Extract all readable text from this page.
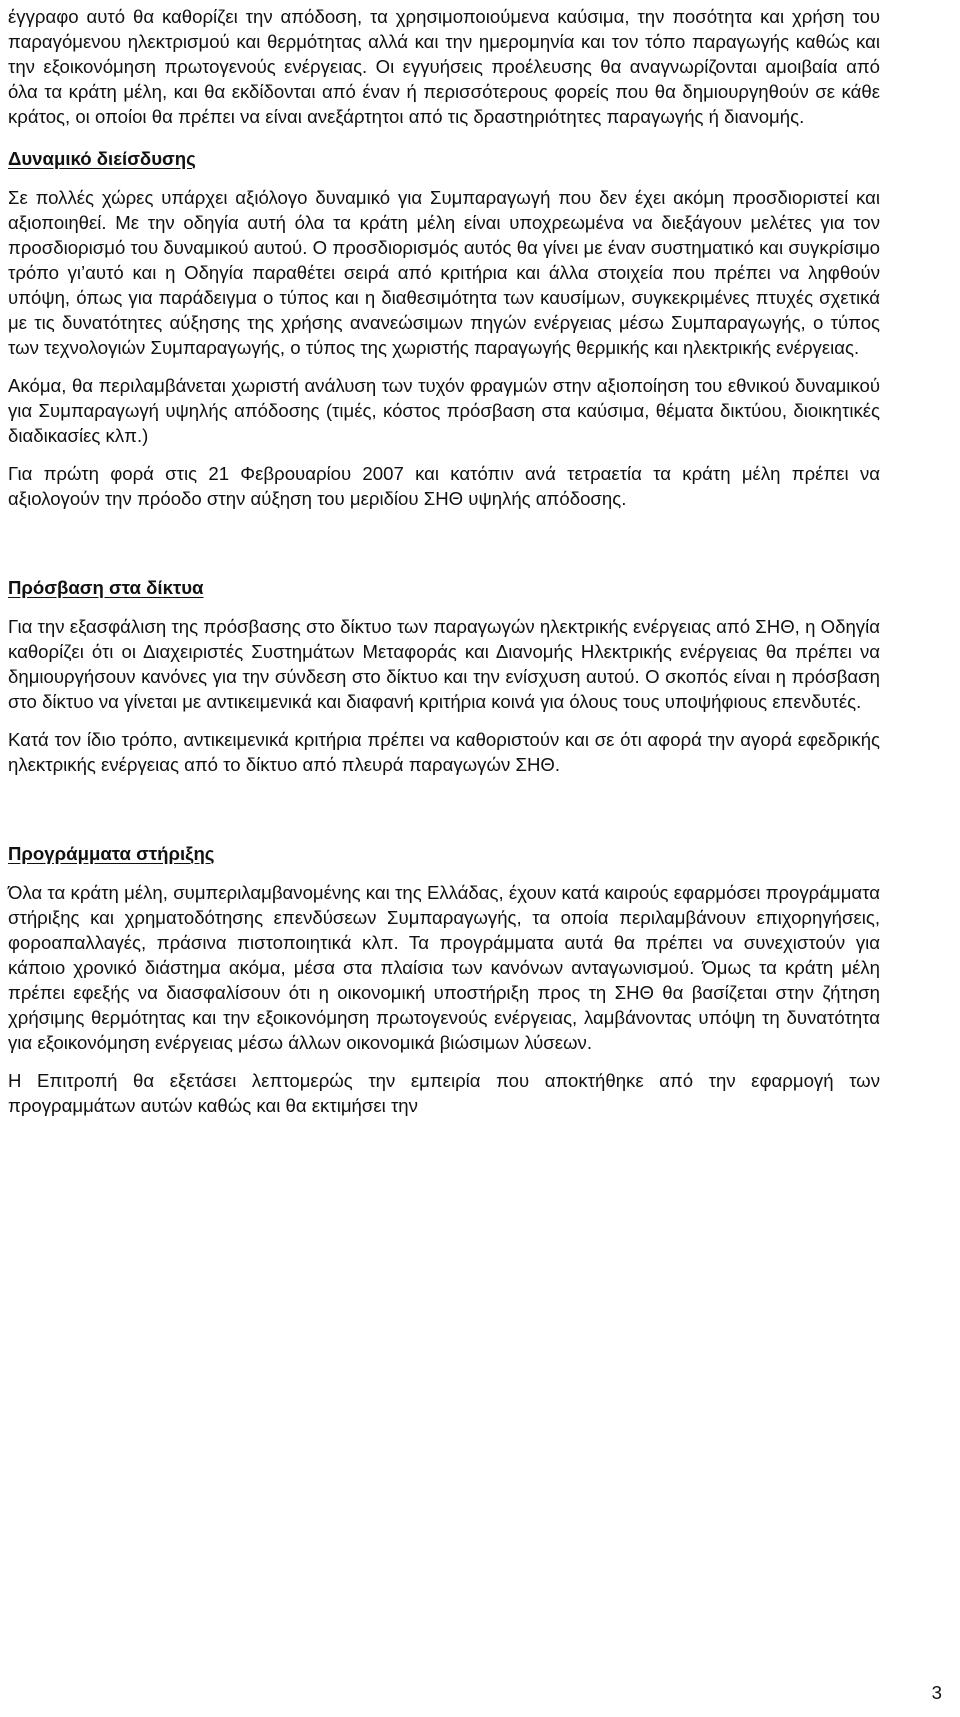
έγγραφο αυτό θα καθορίζει την απόδοση, τα χρησιμοποιούμενα καύσιμα, την ποσότητα και χρήση του παραγόμενου ηλεκτρισμού και θερμότητας αλλά και την ημερομηνία και τον τόπο παραγωγής καθώς και την εξοικονόμηση πρωτογενούς ενέργειας. Οι εγγυήσεις προέλευσης θα αναγνωρίζονται αμοιβαία από όλα τα κράτη μέλη, και θα εκδίδονται από έναν ή περισσότερους φορείς που θα δημιουργηθούν σε κάθε κράτος, οι οποίοι θα πρέπει να είναι ανεξάρτητοι από τις δραστηριότητες παραγωγής ή διανομής.

Δυναμικό διείσδυσης

Σε πολλές χώρες υπάρχει αξιόλογο δυναμικό για Συμπαραγωγή που δεν έχει ακόμη προσδιοριστεί και αξιοποιηθεί. Με την οδηγία αυτή όλα τα κράτη μέλη είναι υποχρεωμένα να διεξάγουν μελέτες για τον προσδιορισμό του δυναμικού αυτού. Ο προσδιορισμός αυτός θα γίνει με έναν συστηματικό και συγκρίσιμο τρόπο γι’αυτό και η Οδηγία παραθέτει σειρά από κριτήρια και άλλα στοιχεία που πρέπει να ληφθούν υπόψη, όπως για παράδειγμα ο τύπος και η διαθεσιμότητα των καυσίμων, συγκεκριμένες πτυχές σχετικά με τις δυνατότητες αύξησης της χρήσης ανανεώσιμων πηγών ενέργειας μέσω Συμπαραγωγής, ο τύπος των τεχνολογιών Συμπαραγωγής, ο τύπος της χωριστής παραγωγής θερμικής και ηλεκτρικής ενέργειας.

Ακόμα, θα περιλαμβάνεται χωριστή ανάλυση των τυχόν φραγμών στην αξιοποίηση του εθνικού δυναμικού για Συμπαραγωγή υψηλής απόδοσης (τιμές, κόστος πρόσβαση στα καύσιμα, θέματα δικτύου, διοικητικές διαδικασίες κλπ.)

Για πρώτη φορά στις 21 Φεβρουαρίου 2007 και κατόπιν ανά τετραετία τα κράτη μέλη πρέπει να αξιολογούν την πρόοδο στην αύξηση του μεριδίου ΣΗΘ υψηλής απόδοσης.

Πρόσβαση στα δίκτυα

Για την εξασφάλιση της πρόσβασης στο δίκτυο των παραγωγών ηλεκτρικής ενέργειας από ΣΗΘ, η Οδηγία καθορίζει ότι οι Διαχειριστές Συστημάτων Μεταφοράς και Διανομής Ηλεκτρικής ενέργειας θα πρέπει να δημιουργήσουν κανόνες για την σύνδεση στο δίκτυο και την ενίσχυση αυτού. Ο σκοπός είναι η πρόσβαση στο δίκτυο να γίνεται με αντικειμενικά και διαφανή κριτήρια κοινά για όλους τους υποψήφιους επενδυτές.

Κατά τον ίδιο τρόπο, αντικειμενικά κριτήρια πρέπει να καθοριστούν και σε ότι αφορά την αγορά εφεδρικής ηλεκτρικής ενέργειας από το δίκτυο από πλευρά παραγωγών ΣΗΘ.

Προγράμματα στήριξης

Όλα τα κράτη μέλη, συμπεριλαμβανομένης και της Ελλάδας, έχουν κατά καιρούς εφαρμόσει προγράμματα στήριξης και χρηματοδότησης επενδύσεων Συμπαραγωγής, τα οποία περιλαμβάνουν επιχορηγήσεις, φοροαπαλλαγές, πράσινα πιστοποιητικά κλπ. Τα προγράμματα αυτά θα πρέπει να συνεχιστούν για κάποιο χρονικό διάστημα ακόμα, μέσα στα πλαίσια των κανόνων ανταγωνισμού. Όμως τα κράτη μέλη πρέπει εφεξής να διασφαλίσουν ότι η οικονομική υποστήριξη προς τη ΣΗΘ θα βασίζεται στην ζήτηση χρήσιμης θερμότητας και την εξοικονόμηση πρωτογενούς ενέργειας, λαμβάνοντας υπόψη τη δυνατότητα για εξοικονόμηση ενέργειας μέσω άλλων οικονομικά βιώσιμων λύσεων.

Η Επιτροπή θα εξετάσει λεπτομερώς την εμπειρία που αποκτήθηκε από την εφαρμογή των προγραμμάτων αυτών καθώς και θα εκτιμήσει την

3
